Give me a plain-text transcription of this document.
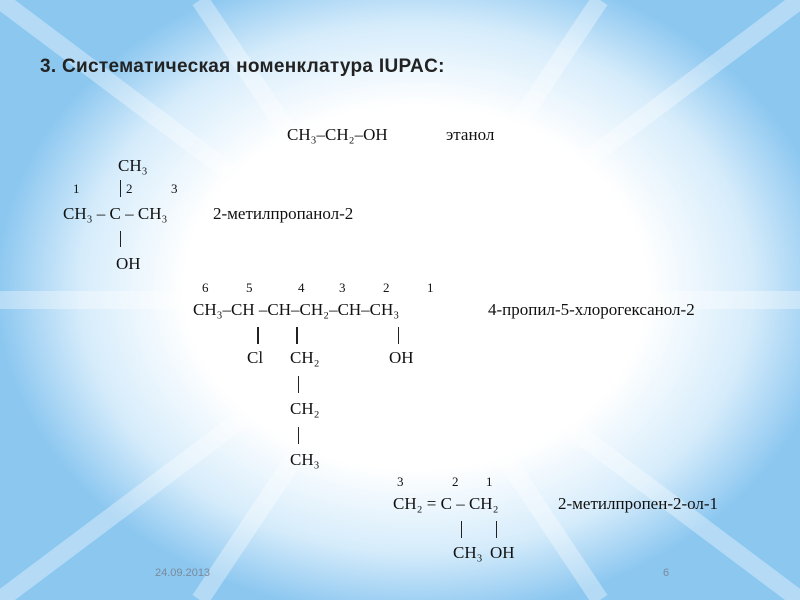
3. Систематическая номенклатура IUPAC:
CH₃–CH₂–OH	этанол
CH₃
1	2	3
CH₃ – C – CH₃	2-метилпропанол-2
OH
6	5	4	3	2	1
CH₃–CH –CH–CH₂–CH–CH₃	4-пропил-5-хлорогексанол-2
Cl CH₂	OH
CH₂
CH₃
3	2 1
CH₂ = C – CH₂	2-метилпропен-2-ол-1
CH₃ OH
24.09.2013	6
